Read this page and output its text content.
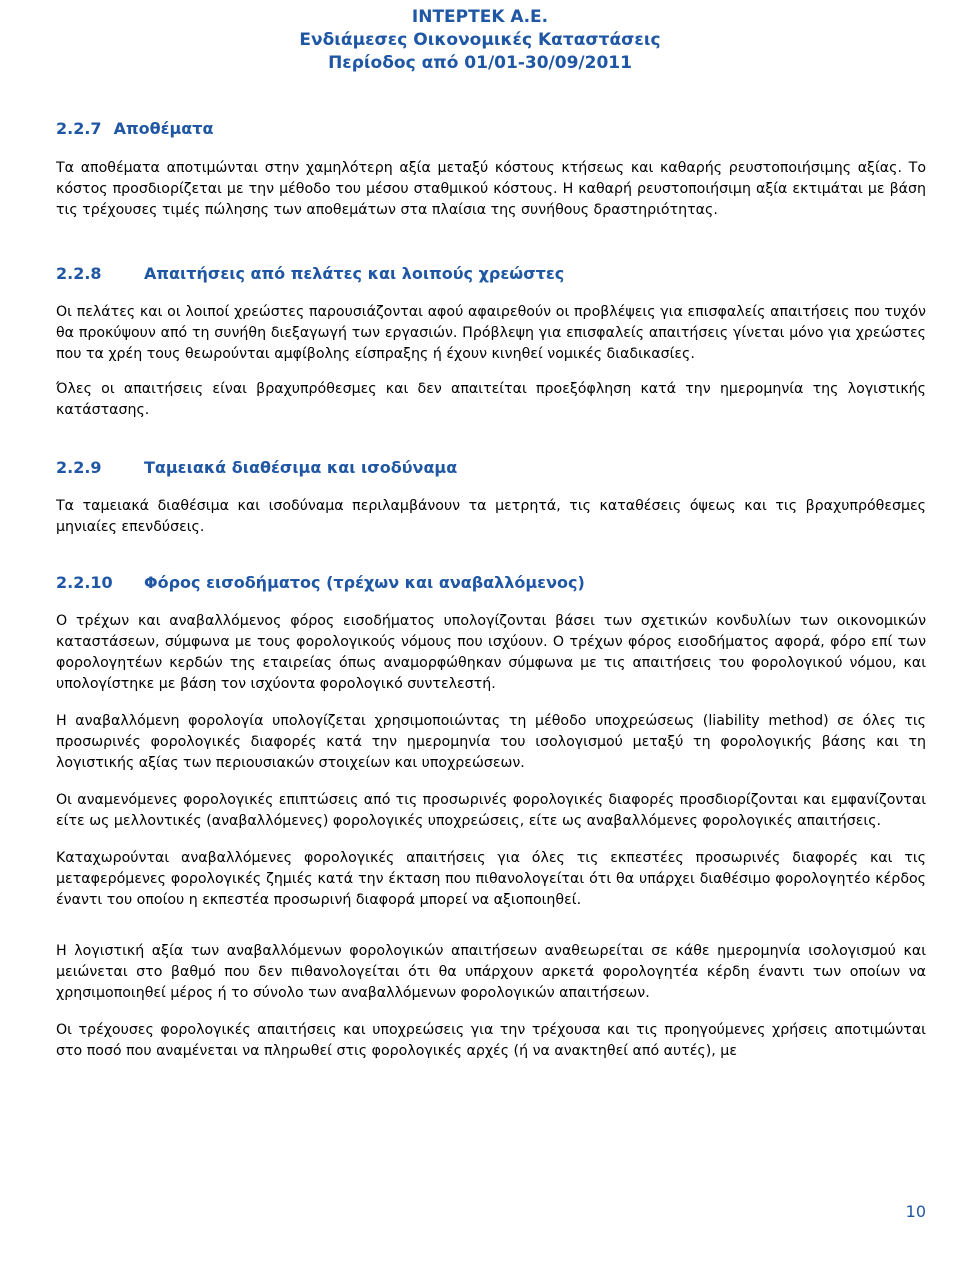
ΙΝΤΕΡΤΕΚ Α.Ε.

Ενδιάμεσες Οικονομικές Καταστάσεις

Περίοδος από 01/01-30/09/2011

2.2.7 Αποθέματα

Τα αποθέματα αποτιμώνται στην χαμηλότερη αξία μεταξύ κόστους κτήσεως και καθαρής ρευστοποιήσιμης αξίας. Το κόστος προσδιορίζεται με την μέθοδο του μέσου σταθμικού κόστους. Η καθαρή ρευστοποιήσιμη αξία εκτιμάται με βάση τις τρέχουσες τιμές πώλησης των αποθεμάτων στα πλαίσια της συνήθους δραστηριότητας.

2.2.8	Απαιτήσεις από πελάτες και λοιπούς χρεώστες

Οι πελάτες και οι λοιποί χρεώστες παρουσιάζονται αφού αφαιρεθούν οι προβλέψεις για επισφαλείς απαιτήσεις που τυχόν θα προκύψουν από τη συνήθη διεξαγωγή των εργασιών. Πρόβλεψη για επισφαλείς απαιτήσεις γίνεται μόνο για χρεώστες που τα χρέη τους θεωρούνται αμφίβολης είσπραξης ή έχουν κινηθεί νομικές διαδικασίες.

Όλες οι απαιτήσεις είναι βραχυπρόθεσμες και δεν απαιτείται προεξόφληση κατά την ημερομηνία της λογιστικής κατάστασης.

2.2.9	Ταμειακά διαθέσιμα και ισοδύναμα

Τα ταμειακά διαθέσιμα και ισοδύναμα περιλαμβάνουν τα μετρητά, τις καταθέσεις όψεως και τις βραχυπρόθεσμες μηνιαίες επενδύσεις.

2.2.10	Φόρος εισοδήματος (τρέχων και αναβαλλόμενος)

Ο τρέχων και αναβαλλόμενος φόρος εισοδήματος υπολογίζονται βάσει των σχετικών κονδυλίων των οικονομικών καταστάσεων, σύμφωνα με τους φορολογικούς νόμους που ισχύουν. Ο τρέχων φόρος εισοδήματος αφορά, φόρο επί των φορολογητέων κερδών της εταιρείας όπως αναμορφώθηκαν σύμφωνα με τις απαιτήσεις του φορολογικού νόμου, και υπολογίστηκε με βάση τον ισχύοντα φορολογικό συντελεστή.

Η αναβαλλόμενη φορολογία υπολογίζεται χρησιμοποιώντας τη μέθοδο υποχρεώσεως (liability method) σε όλες τις προσωρινές φορολογικές διαφορές κατά την ημερομηνία του ισολογισμού μεταξύ τη φορολογικής βάσης και τη λογιστικής αξίας των περιουσιακών στοιχείων και υποχρεώσεων.

Οι αναμενόμενες φορολογικές επιπτώσεις από τις προσωρινές φορολογικές διαφορές προσδιορίζονται και εμφανίζονται είτε ως μελλοντικές (αναβαλλόμενες) φορολογικές υποχρεώσεις, είτε ως αναβαλλόμενες φορολογικές απαιτήσεις.

Καταχωρούνται αναβαλλόμενες φορολογικές απαιτήσεις για όλες τις εκπεστέες προσωρινές διαφορές και τις μεταφερόμενες φορολογικές ζημιές κατά την έκταση που πιθανολογείται ότι θα υπάρχει διαθέσιμο φορολογητέο κέρδος έναντι του οποίου η εκπεστέα προσωρινή διαφορά μπορεί να αξιοποιηθεί.

Η λογιστική αξία των αναβαλλόμενων φορολογικών απαιτήσεων αναθεωρείται σε κάθε ημερομηνία ισολογισμού και μειώνεται στο βαθμό που δεν πιθανολογείται ότι θα υπάρχουν αρκετά φορολογητέα κέρδη έναντι των οποίων να χρησιμοποιηθεί μέρος ή το σύνολο των αναβαλλόμενων φορολογικών απαιτήσεων.

Οι τρέχουσες φορολογικές απαιτήσεις και υποχρεώσεις για την τρέχουσα και τις προηγούμενες χρήσεις αποτιμώνται στο ποσό που αναμένεται να πληρωθεί στις φορολογικές αρχές (ή να ανακτηθεί από αυτές), με

10
